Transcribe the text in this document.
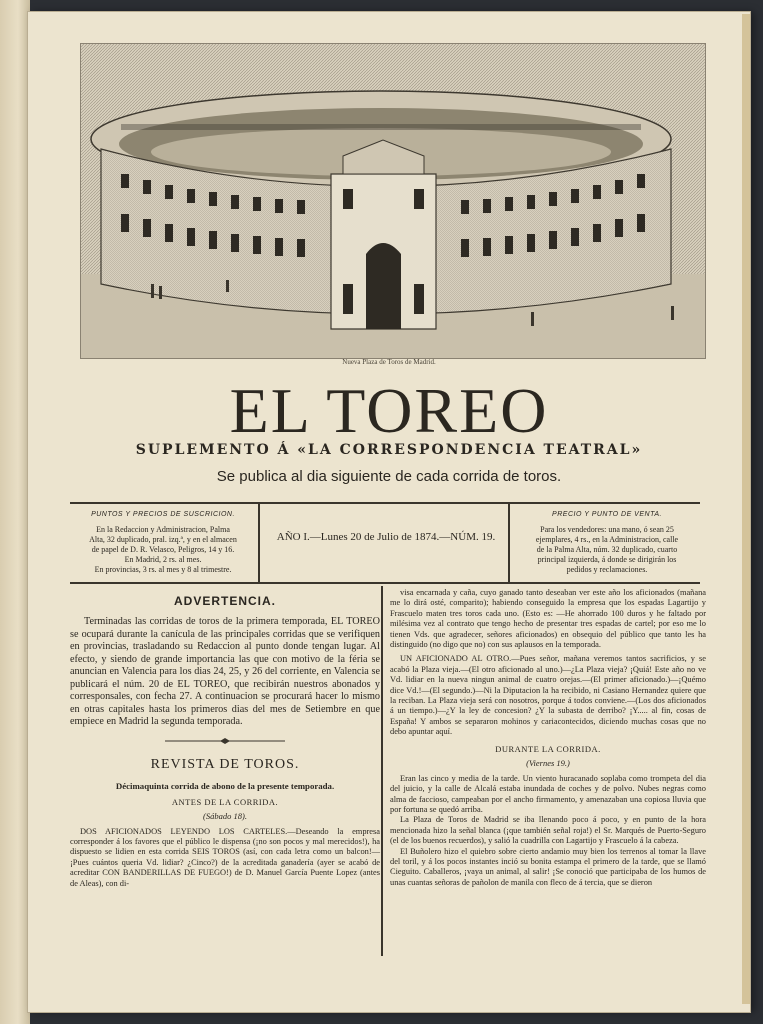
Nueva Plaza de Toros de Madrid.
EL TOREO
SUPLEMENTO Á «LA CORRESPONDENCIA TEATRAL»
Se publica al dia siguiente de cada corrida de toros.
PUNTOS Y PRECIOS DE SUSCRICION.
En la Redaccion y Administracion, Palma
Alta, 32 duplicado, pral. izq.ª, y en el almacen
de papel de D. R. Velasco, Peligros, 14 y 16.
En Madrid, 2 rs. al mes.
En provincias, 3 rs. al mes y 8 al trimestre.
AÑO I.—Lunes 20 de Julio de 1874.—NÚM. 19.
PRECIO Y PUNTO DE VENTA.
Para los vendedores: una mano, ó sean 25
ejemplares, 4 rs., en la Administracion, calle
de la Palma Alta, núm. 32 duplicado, cuarto
principal izquierda, á donde se dirigirán los
pedidos y reclamaciones.
ADVERTENCIA.

Terminadas las corridas de toros de la primera temporada, EL TOREO se ocupará durante la canícula de las principales corridas que se verifiquen en provincias, trasladando su Redaccion al punto donde tengan lugar. Al efecto, y siendo de grande importancia las que con motivo de la féria se anuncian en Valencia para los dias 24, 25, y 26 del corriente, en Valencia se publicará el núm. 20 de EL TOREO, que recibirán nuestros abonados y corresponsales, con fecha 27. A continuacion se procurará hacer lo mismo en otras capitales hasta los primeros dias del mes de Setiembre en que empiece en Madrid la segunda temporada.

REVISTA DE TOROS.
Décimaquinta corrida de abono de la presente temporada.
ANTES DE LA CORRIDA.
(Sábado 18).

DOS AFICIONADOS LEYENDO LOS CARTELES.—Deseando la empresa corresponder á los favores que el público le dispensa (¡no son pocos y mal merecidos!), ha dispuesto se lidien en esta corrida SEIS TOROS (así, con cada letra como un balcon!—¡Pues cuántos queria Vd. lidiar? ¿Cinco?) de la acreditada ganadería (ayer se acabó de acreditar CON BANDERILLAS DE FUEGO!) de D. Manuel García Puente Lopez (antes de Aleas), con di-

visa encarnada y caña, cuyo ganado tanto deseaban ver este año los aficionados (mañana me lo dirá osté, comparito); habiendo conseguido la empresa que los espadas Lagartijo y Frascuelo maten tres toros cada uno. (Esto es: —He ahorrado 100 duros y he faltado por milésima vez al contrato que tengo hecho de presentar tres espadas de cartel; por eso me lo tienen Vds. que agradecer, señores aficionados) en obsequio del público que tanto les ha distinguido (no digo que no) con sus aplausos en la temporada.

UN AFICIONADO AL OTRO.—Pues señor, mañana veremos tantos sacrificios, y se acabó la Plaza vieja.—(El otro aficionado al uno.)—¿La Plaza vieja? ¡Quiá! Este año no ve Vd. lidiar en la nueva ningun animal de cuatro orejas.—(El primer aficionado.)—¡Quémo dice Vd.!—(El segundo.)—Ni la Diputacion la ha recibido, ni Casiano Hernandez quiere que la reciban. La Plaza vieja será con nosotros, porque á todos conviene.—(Los dos aficionados á un tiempo.)—¿Y la ley de concesion? ¿Y la subasta de derribo? ¡Y..... al fin, cosas de España! Y ambos se separaron mohinos y cariacontecidos, diciendo muchas cosas que no debo apuntar aquí.

DURANTE LA CORRIDA.
(Viernes 19.)

Eran las cinco y media de la tarde. Un viento huracanado soplaba como trompeta del dia del juicio, y la calle de Alcalá estaba inundada de coches y de polvo. Nubes negras como alma de faccioso, campeaban por el ancho firmamento, y amenazaban una copiosa lluvia que por fortuna se quedó arriba.

La Plaza de Toros de Madrid se iba llenando poco á poco, y en punto de la hora mencionada hizo la señal blanca (¡que también señal roja!) el Sr. Marqués de Puerto-Seguro (el de los buenos recuerdos), y salió la cuadrilla con Lagartijo y Frascuelo á la cabeza.

El Buñolero hizo el quiebro sobre cierto andamio muy bien los terrenos al tomar la llave del toril, y á los pocos instantes inció su bonita estampa el primero de la tarde, que se llamó Cieguito. Caballeros, ¡vaya un animal, al salir! ¡Se conoció que participaba de los humos de unas cuantas señoras de pañolon de manila con fleco de á tercia, que se dieron
